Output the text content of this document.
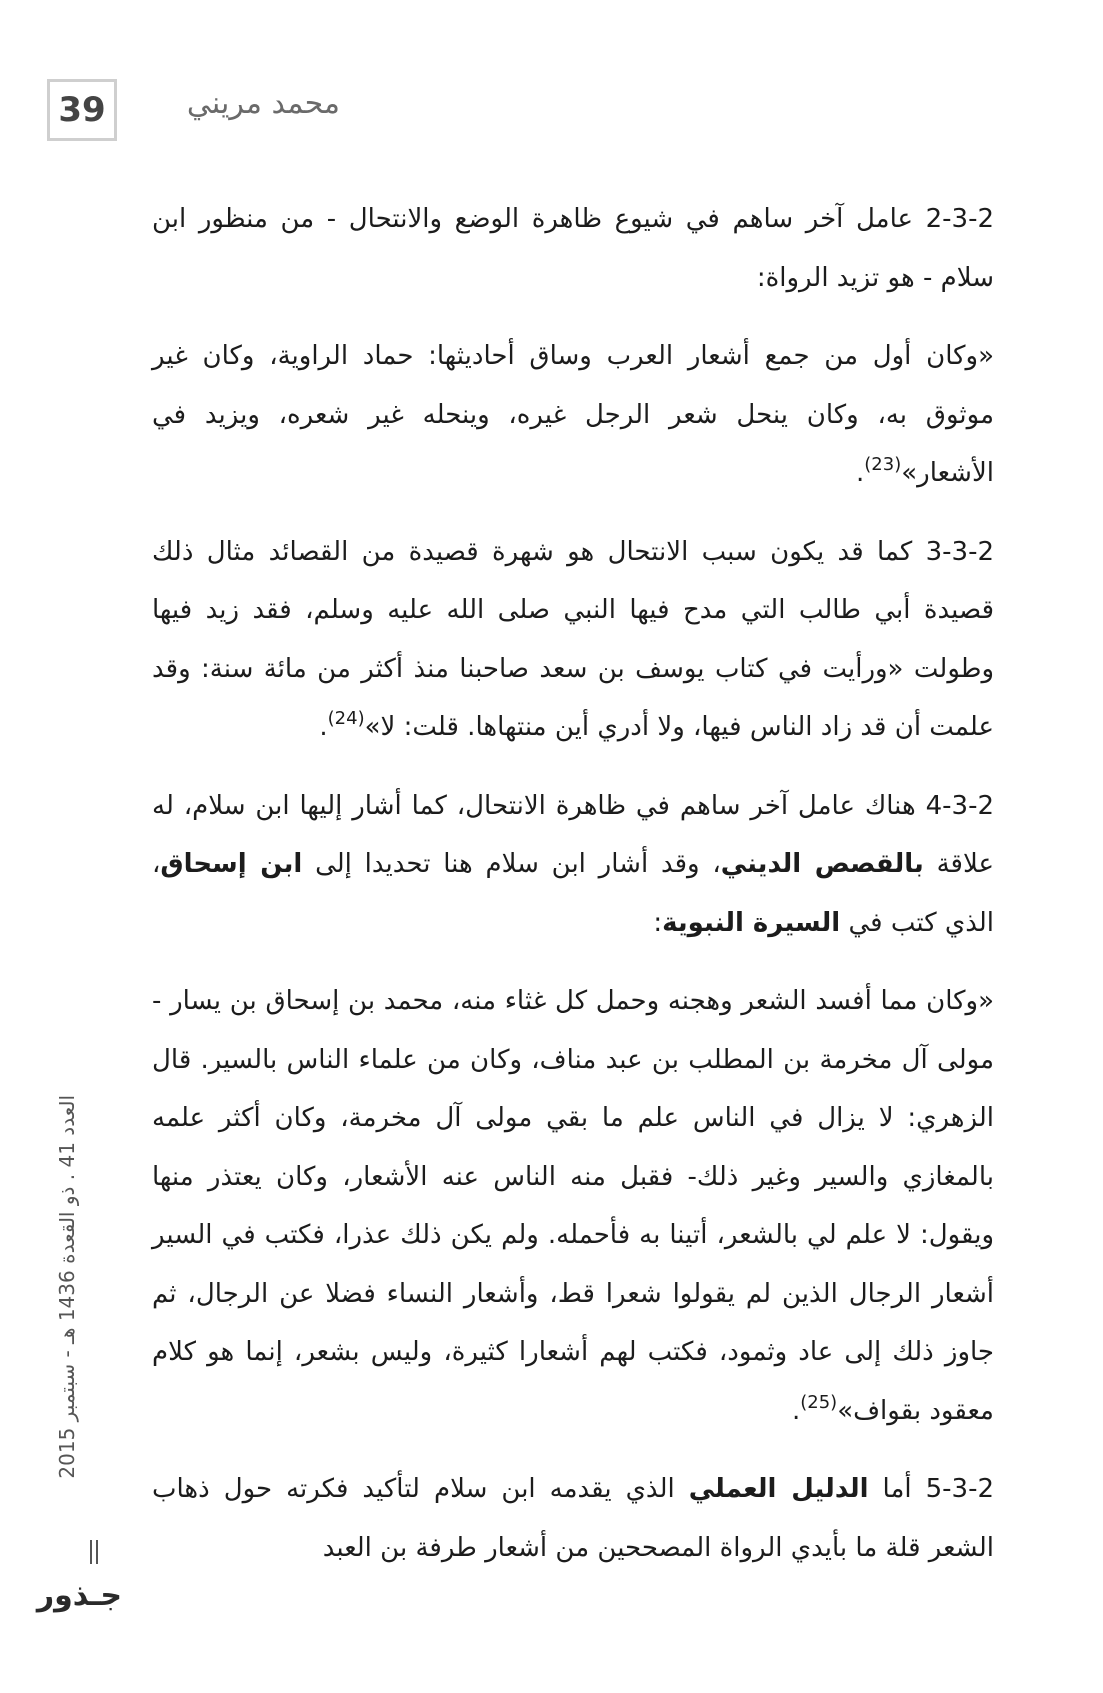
39	محمد مريني

2-3-2 عامل آخر ساهم في شيوع ظاهرة الوضع والانتحال - من منظور ابن سلام - هو تزيد الرواة:

«وكان أول من جمع أشعار العرب وساق أحاديثها: حماد الراوية، وكان غير موثوق به، وكان ينحل شعر الرجل غيره، وينحله غير شعره، ويزيد في الأشعار»$^{(23)}$.

3-3-2 كما قد يكون سبب الانتحال هو شهرة قصيدة من القصائد مثال ذلك قصيدة أبي طالب التي مدح فيها النبي صلى الله عليه وسلم، فقد زيد فيها وطولت «ورأيت في كتاب يوسف بن سعد صاحبنا منذ أكثر من مائة سنة: وقد علمت أن قد زاد الناس فيها، ولا أدري أين منتهاها. قلت: لا»$^{(24)}$.

4-3-2 هناك عامل آخر ساهم في ظاهرة الانتحال، كما أشار إليها ابن سلام، له علاقة بالقصص الديني، وقد أشار ابن سلام هنا تحديدا إلى ابن إسحاق، الذي كتب في السيرة النبوية:

«وكان مما أفسد الشعر وهجنه وحمل كل غثاء منه، محمد بن إسحاق بن يسار - مولى آل مخرمة بن المطلب بن عبد مناف، وكان من علماء الناس بالسير. قال الزهري: لا يزال في الناس علم ما بقي مولى آل مخرمة، وكان أكثر علمه بالمغازي والسير وغير ذلك- فقبل منه الناس عنه الأشعار، وكان يعتذر منها ويقول: لا علم لي بالشعر، أتينا به فأحمله. ولم يكن ذلك عذرا، فكتب في السير أشعار الرجال الذين لم يقولوا شعرا قط، وأشعار النساء فضلا عن الرجال، ثم جاوز ذلك إلى عاد وثمود، فكتب لهم أشعارا كثيرة، وليس بشعر، إنما هو كلام معقود بقواف»$^{(25)}$.

5-3-2 أما الدليل العملي الذي يقدمه ابن سلام لتأكيد فكرته حول ذهاب الشعر قلة ما بأيدي الرواة المصححين من أشعار طرفة بن العبد

العدد 41 . ذو القعدة 1436 هـ - سبتمبر 2015
جـذور
